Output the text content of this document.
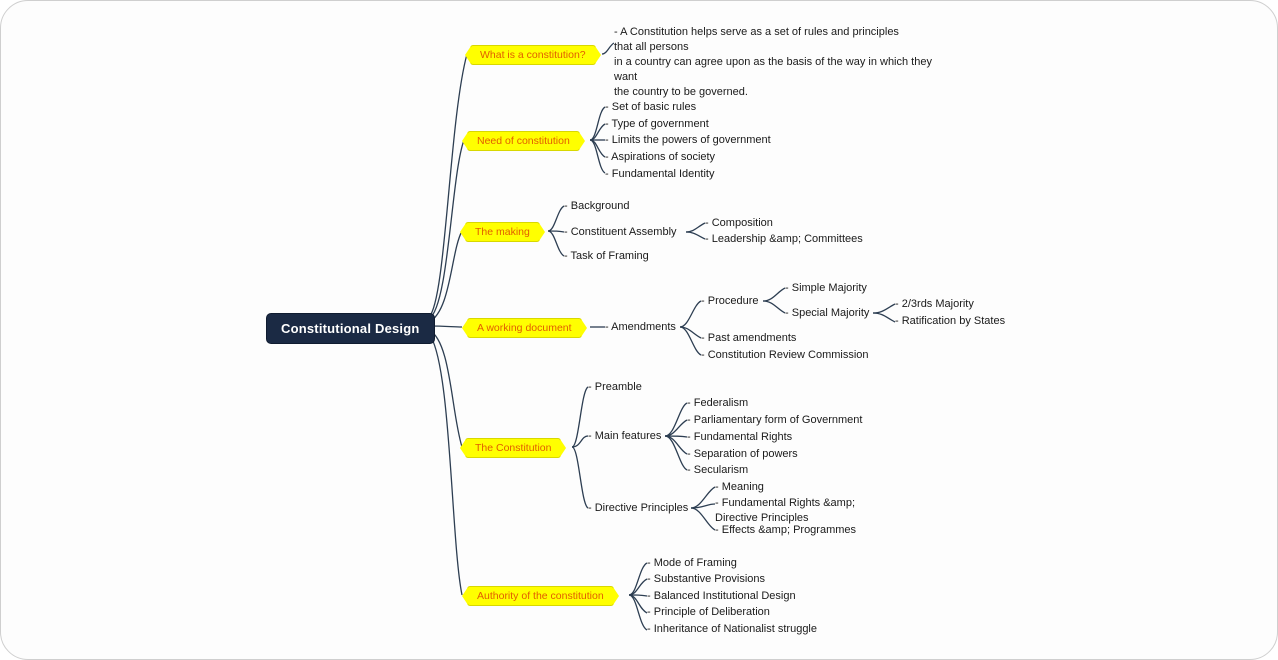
Constitutional Design
What is a constitution?
Need of constitution
The making
A working document
The Constitution
Authority of the constitution
- A Constitution helps serve as a set of rules and principles
that all persons
in a country can agree upon as the basis of the way in which they want
the country to be governed.
- Set of basic rules
- Type of government
- Limits the powers of government
- Aspirations of society
- Fundamental Identity
- Background
- Constituent Assembly
- Task of Framing
- Composition
- Leadership &amp; Committees
- Amendments
- Procedure
- Past amendments
- Constitution Review Commission
- Simple Majority
- Special Majority
- 2/3rds Majority
- Ratification by States
- Preamble
- Main features
- Directive Principles
- Federalism
- Parliamentary form of Government
- Fundamental Rights
- Separation of powers
- Secularism
- Meaning
- Fundamental Rights &amp;
Directive Principles
- Effects &amp; Programmes
- Mode of Framing
- Substantive Provisions
- Balanced Institutional Design
- Principle of Deliberation
- Inheritance of Nationalist struggle
